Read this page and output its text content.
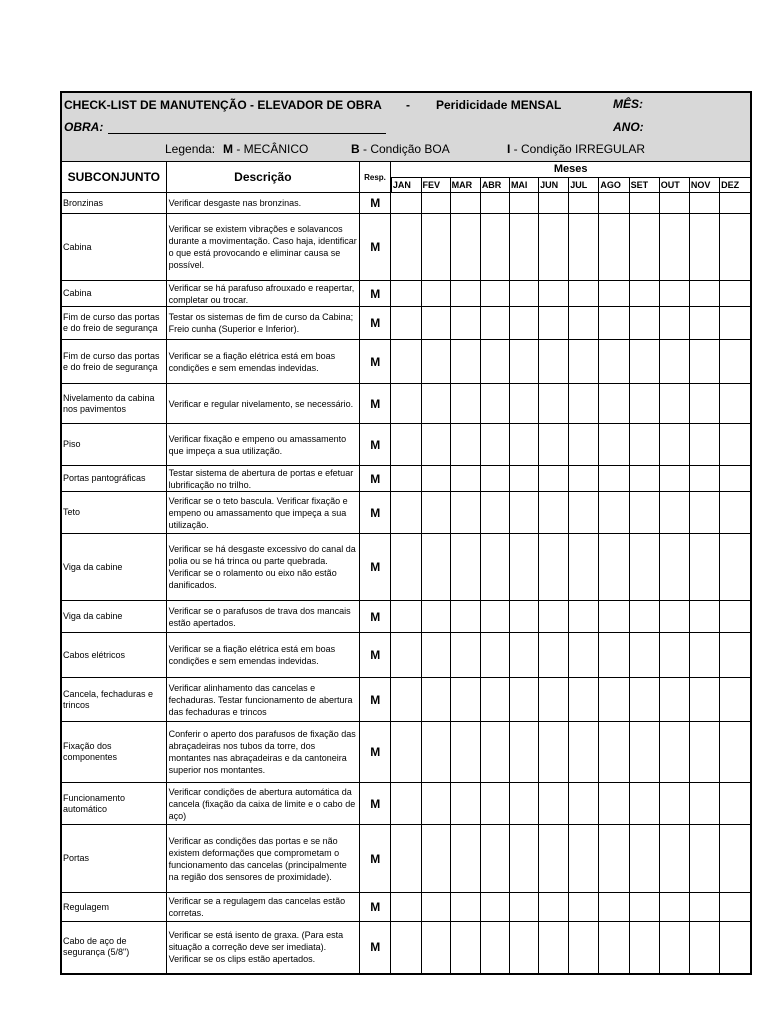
CHECK-LIST DE MANUTENÇÃO - ELEVADOR DE OBRA - Peridicidade MENSAL	MÊS:
OBRA:	ANO:
Legenda: M - MECÂNICO	B - Condição BOA	I - Condição IRREGULAR
SUBCONJUNTO	Descrição	Resp.	Meses											
			JAN	FEV	MAR	ABR	MAI	JUN	JUL	AGO	SET	OUT	NOV	DEZ
Bronzinas	Verificar desgaste nas bronzinas.	M												
Cabina	Verificar se existem vibrações e solavancos durante a movimentação. Caso haja, identificar o que está provocando e eliminar causa se possível.	M												
Cabina	Verificar se há parafuso afrouxado e reapertar, completar ou trocar.	M												
Fim de curso das portas e do freio de segurança	Testar os sistemas de fim de curso da Cabina; Freio cunha (Superior e Inferior).	M												
Fim de curso das portas e do freio de segurança	Verificar se a fiação elétrica está em boas condições e sem emendas indevidas.	M												
Nivelamento da cabina nos pavimentos	Verificar e regular nivelamento, se necessário.	M												
Piso	Verificar fixação e empeno ou amassamento que impeça a sua utilização.	M												
Portas pantográficas	Testar sistema de abertura de portas e efetuar lubrificação no trilho.	M												
Teto	Verificar se o teto bascula. Verificar fixação e empeno ou amassamento que impeça a sua utilização.	M												
Viga da cabine	Verificar se há desgaste excessivo do canal da polia ou se há trinca ou parte quebrada. Verificar se o rolamento ou eixo não estão danificados.	M												
Viga da cabine	Verificar se o parafusos de trava dos mancais estão apertados.	M												
Cabos elétricos	Verificar se a fiação elétrica está em boas condições e sem emendas indevidas.	M												
Cancela, fechaduras e trincos	Verificar alinhamento das cancelas e fechaduras. Testar funcionamento de abertura das fechaduras e trincos	M												
Fixação dos componentes	Conferir o aperto dos parafusos de fixação das abraçadeiras nos tubos da torre, dos montantes nas abraçadeiras e da cantoneira superior nos montantes.	M												
Funcionamento automático	Verificar condições de abertura automática da cancela (fixação da caixa de limite e o cabo de aço)	M												
Portas	Verificar as condições das portas e se não existem deformações que comprometam o funcionamento das cancelas (principalmente na região dos sensores de proximidade).	M												
Regulagem	Verificar se a regulagem das cancelas estão corretas.	M												
Cabo de aço de segurança (5/8")	Verificar se está isento de graxa. (Para esta situação a correção deve ser imediata). Verificar se os clips estão apertados.	M												
